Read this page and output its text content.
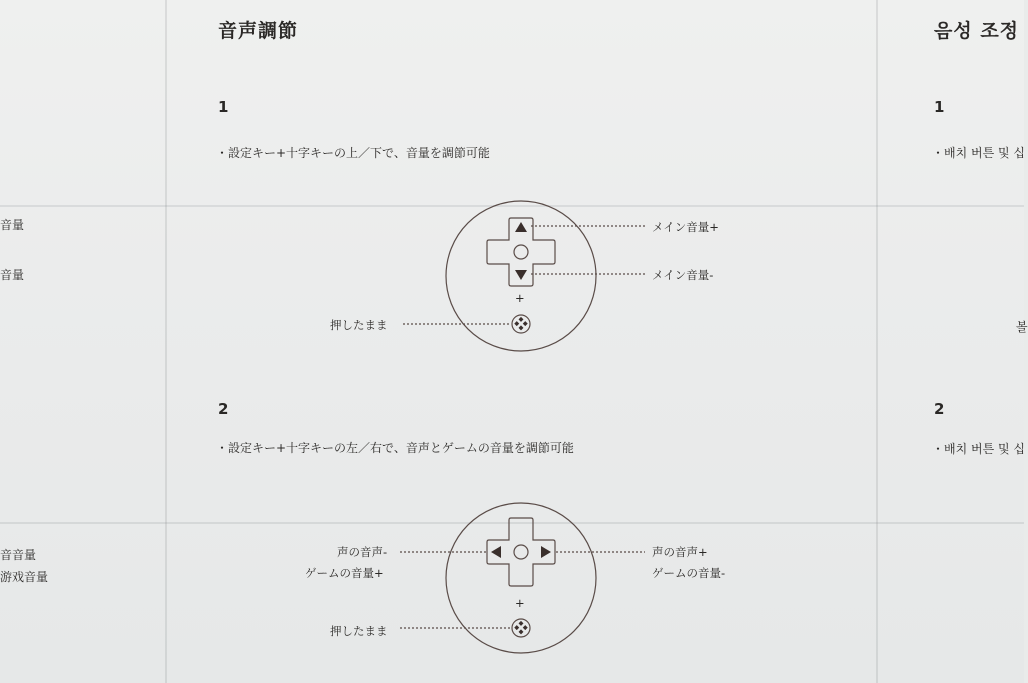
音量
音量
音音量
游戏音量
音声調節
1
・設定キー+十字キーの上／下で、音量を調節可能
メイン音量+
メイン音量-
+
押したまま
2
・設定キー+十字キーの左／右で、音声とゲームの音量を調節可能
声の音声-
ゲームの音量+
声の音声+
ゲームの音量-
+
押したまま
음성 조정
1
・배치 버튼 및 십
볼
2
・배치 버튼 및 십
